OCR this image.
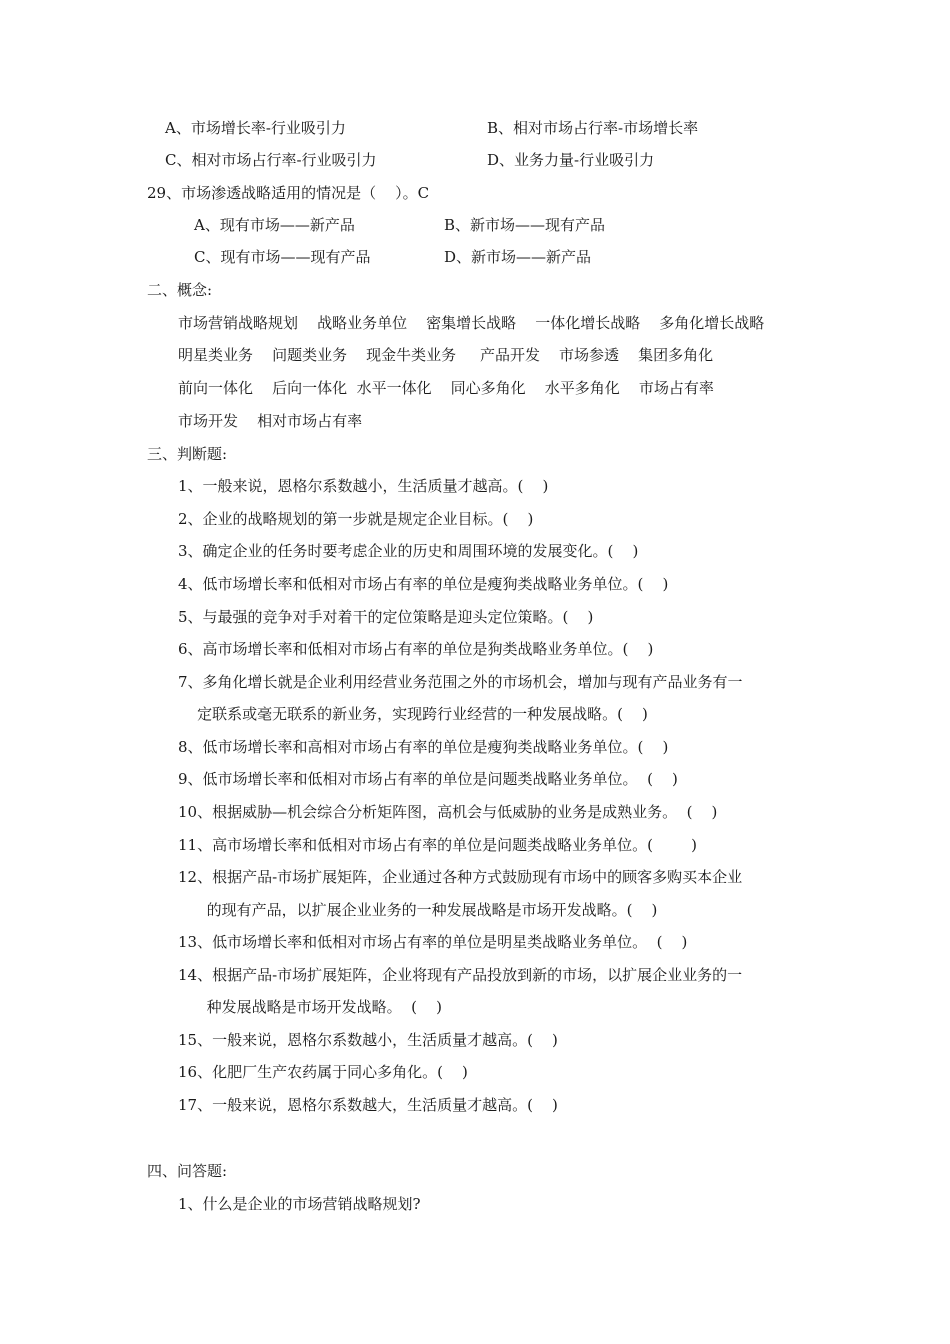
A、市场增长率-行业吸引力	B、相对市场占行率-市场增长率
C、相对市场占行率-行业吸引力	D、业务力量-行业吸引力
29、市场渗透战略适用的情况是（    ）。C
A、现有市场——新产品	B、新市场——现有产品
C、现有市场——现有产品	D、新市场——新产品
二、概念:
市场营销战略规划    战略业务单位    密集增长战略    一体化增长战略    多角化增长战略
明星类业务    问题类业务    现金牛类业务     产品开发    市场参透    集团多角化
前向一体化    后向一体化  水平一体化    同心多角化    水平多角化    市场占有率
市场开发    相对市场占有率
三、判断题:
1、一般来说，恩格尔系数越小，生活质量才越高。(    )
2、企业的战略规划的第一步就是规定企业目标。(    )
3、确定企业的任务时要考虑企业的历史和周围环境的发展变化。(    )
4、低市场增长率和低相对市场占有率的单位是瘦狗类战略业务单位。(    )
5、与最强的竞争对手对着干的定位策略是迎头定位策略。(    )
6、高市场增长率和低相对市场占有率的单位是狗类战略业务单位。(    )
7、多角化增长就是企业利用经营业务范围之外的市场机会，增加与现有产品业务有一
定联系或毫无联系的新业务，实现跨行业经营的一种发展战略。(    )
8、低市场增长率和高相对市场占有率的单位是瘦狗类战略业务单位。(    )
9、低市场增长率和低相对市场占有率的单位是问题类战略业务单位。  (    )
10、根据威胁—机会综合分析矩阵图，高机会与低威胁的业务是成熟业务。  (    )
11、高市场增长率和低相对市场占有率的单位是问题类战略业务单位。(        )
12、根据产品-市场扩展矩阵，企业通过各种方式鼓励现有市场中的顾客多购买本企业
的现有产品，以扩展企业业务的一种发展战略是市场开发战略。(    )
13、低市场增长率和低相对市场占有率的单位是明星类战略业务单位。  (    )
14、根据产品-市场扩展矩阵，企业将现有产品投放到新的市场，以扩展企业业务的一
种发展战略是市场开发战略。  (    )
15、一般来说，恩格尔系数越小，生活质量才越高。(    )
16、化肥厂生产农药属于同心多角化。(    )
17、一般来说，恩格尔系数越大，生活质量才越高。(    )
四、问答题:
1、什么是企业的市场营销战略规划?
